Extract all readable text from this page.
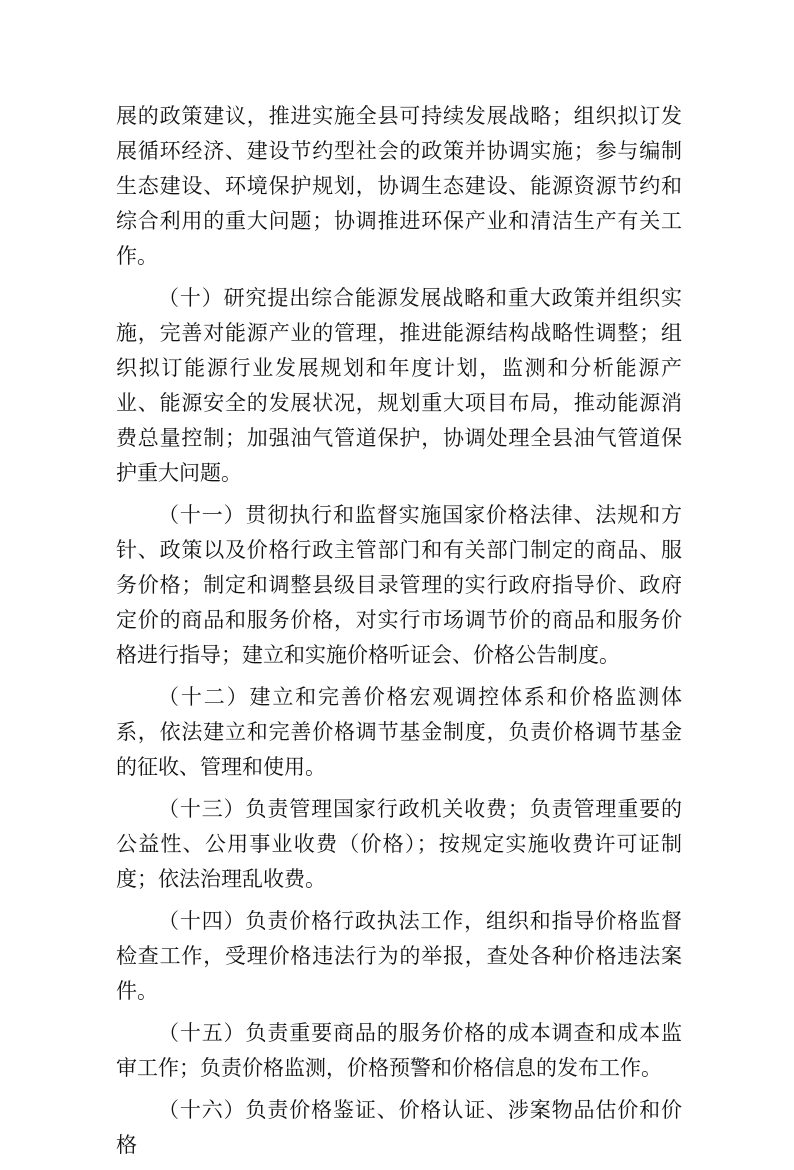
展的政策建议，推进实施全县可持续发展战略；组织拟订发展循环经济、建设节约型社会的政策并协调实施；参与编制生态建设、环境保护规划，协调生态建设、能源资源节约和综合利用的重大问题；协调推进环保产业和清洁生产有关工作。

（十）研究提出综合能源发展战略和重大政策并组织实施，完善对能源产业的管理，推进能源结构战略性调整；组织拟订能源行业发展规划和年度计划，监测和分析能源产业、能源安全的发展状况，规划重大项目布局，推动能源消费总量控制；加强油气管道保护，协调处理全县油气管道保护重大问题。

（十一）贯彻执行和监督实施国家价格法律、法规和方针、政策以及价格行政主管部门和有关部门制定的商品、服务价格；制定和调整县级目录管理的实行政府指导价、政府定价的商品和服务价格，对实行市场调节价的商品和服务价格进行指导；建立和实施价格听证会、价格公告制度。

（十二）建立和完善价格宏观调控体系和价格监测体系，依法建立和完善价格调节基金制度，负责价格调节基金的征收、管理和使用。

（十三）负责管理国家行政机关收费；负责管理重要的公益性、公用事业收费（价格）；按规定实施收费许可证制度；依法治理乱收费。

（十四）负责价格行政执法工作，组织和指导价格监督检查工作，受理价格违法行为的举报，查处各种价格违法案件。

（十五）负责重要商品的服务价格的成本调查和成本监审工作；负责价格监测，价格预警和价格信息的发布工作。

（十六）负责价格鉴证、价格认证、涉案物品估价和价格
